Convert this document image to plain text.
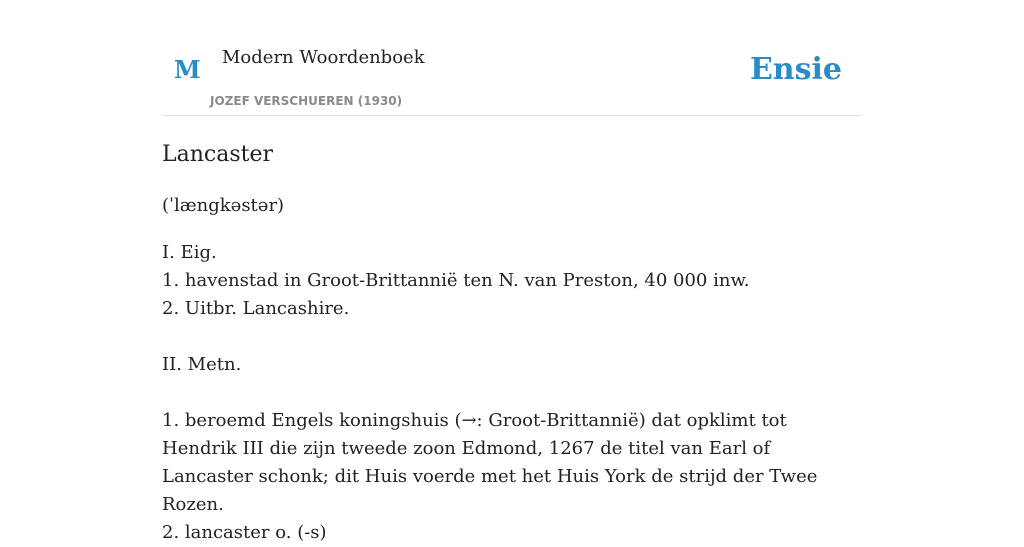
M Modern Woordenboek
JOZEF VERSCHUEREN (1930)
Ensie
Lancaster
(ˈlængkəstər)

I. Eig.

1. havenstad in Groot-Brittannië ten N. van Preston, 40 000 inw.

2. Uitbr. Lancashire.

II. Metn.

1. beroemd Engels koningshuis (→: Groot-Brittannië) dat opklimt tot Hendrik III die zijn tweede zoon Edmond, 1267 de titel van Earl of Lancaster schonk; dit Huis voerde met het Huis York de strijd der Twee Rozen.

2. lancaster o. (-s)
